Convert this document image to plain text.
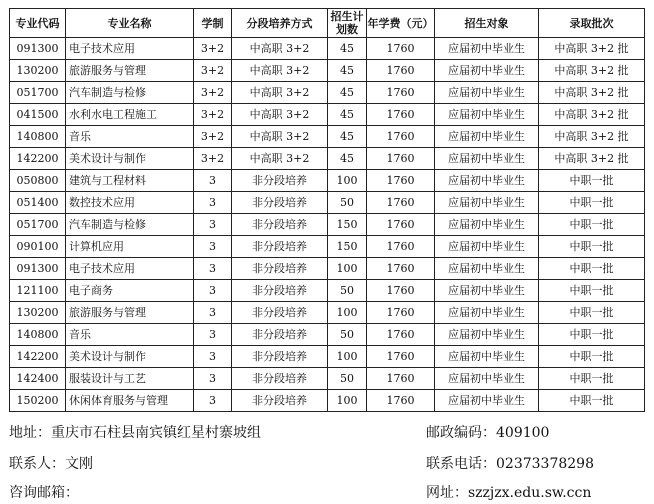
专业代码	专业名称	学制	分段培养方式	招生计划数	年学费（元）	招生对象	录取批次
091300	电子技术应用	3+2	中高职 3+2	45	1760	应届初中毕业生	中高职 3+2 批
130200	旅游服务与管理	3+2	中高职 3+2	45	1760	应届初中毕业生	中高职 3+2 批
051700	汽车制造与检修	3+2	中高职 3+2	45	1760	应届初中毕业生	中高职 3+2 批
041500	水利水电工程施工	3+2	中高职 3+2	45	1760	应届初中毕业生	中高职 3+2 批
140800	音乐	3+2	中高职 3+2	45	1760	应届初中毕业生	中高职 3+2 批
142200	美术设计与制作	3+2	中高职 3+2	45	1760	应届初中毕业生	中高职 3+2 批
050800	建筑与工程材料	3	非分段培养	100	1760	应届初中毕业生	中职一批
051400	数控技术应用	3	非分段培养	50	1760	应届初中毕业生	中职一批
051700	汽车制造与检修	3	非分段培养	150	1760	应届初中毕业生	中职一批
090100	计算机应用	3	非分段培养	150	1760	应届初中毕业生	中职一批
091300	电子技术应用	3	非分段培养	100	1760	应届初中毕业生	中职一批
121100	电子商务	3	非分段培养	50	1760	应届初中毕业生	中职一批
130200	旅游服务与管理	3	非分段培养	100	1760	应届初中毕业生	中职一批
140800	音乐	3	非分段培养	50	1760	应届初中毕业生	中职一批
142200	美术设计与制作	3	非分段培养	100	1760	应届初中毕业生	中职一批
142400	服装设计与工艺	3	非分段培养	50	1760	应届初中毕业生	中职一批
150200	休闲体育服务与管理	3	非分段培养	100	1760	应届初中毕业生	中职一批
地址：重庆市石柱县南宾镇红星村寨坡组	邮政编码：409100
联系人：文刚	联系电话：02373378298
咨询邮箱：	网址：szzjzx.edu.sw.ccn
